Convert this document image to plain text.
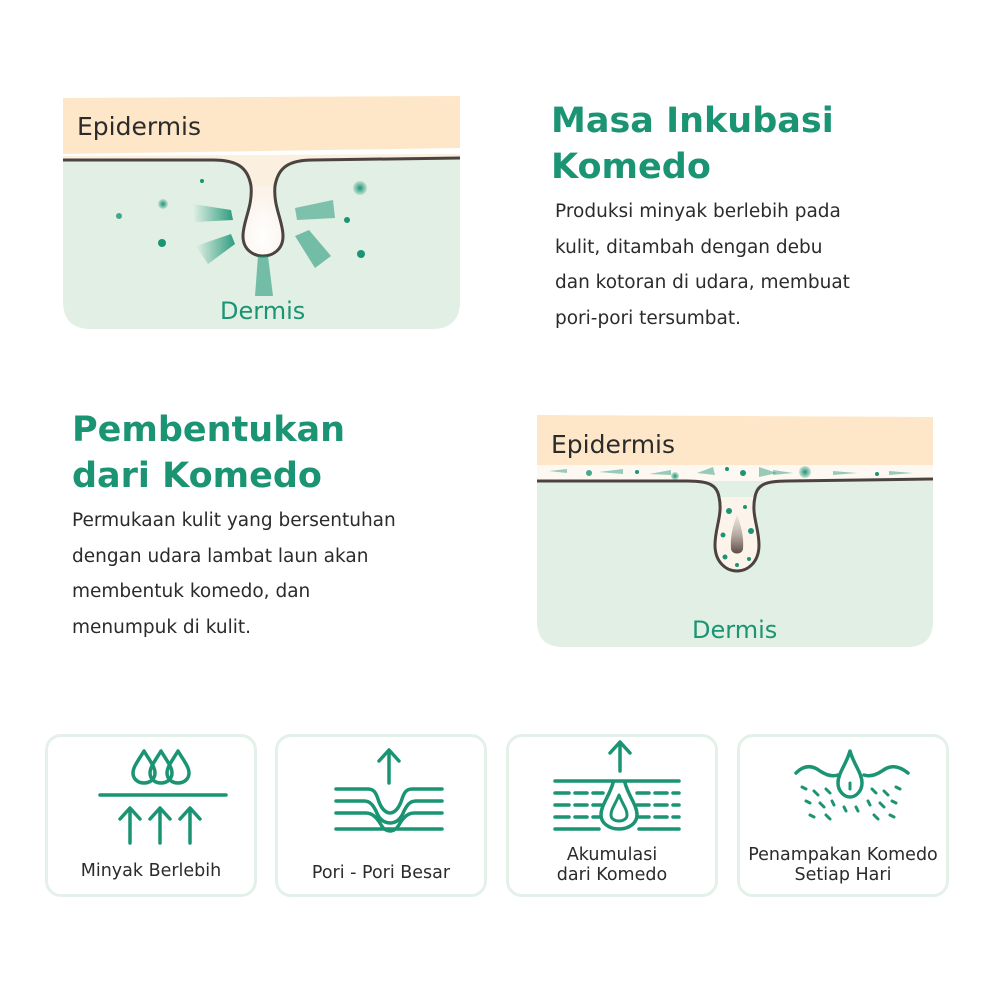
Epidermis
Dermis
Masa Inkubasi
Komedo

Produksi minyak berlebih pada

kulit, ditambah dengan debu

dan kotoran di udara, membuat

pori-pori tersumbat.

Pembentukan
dari Komedo

Permukaan kulit yang bersentuhan

dengan udara lambat laun akan

membentuk komedo, dan

menumpuk di kulit.

Epidermis
Dermis
Minyak Berlebih	Pori - Pori Besar
Akumulasi
dari Komedo
Penampakan Komedo
Setiap Hari
